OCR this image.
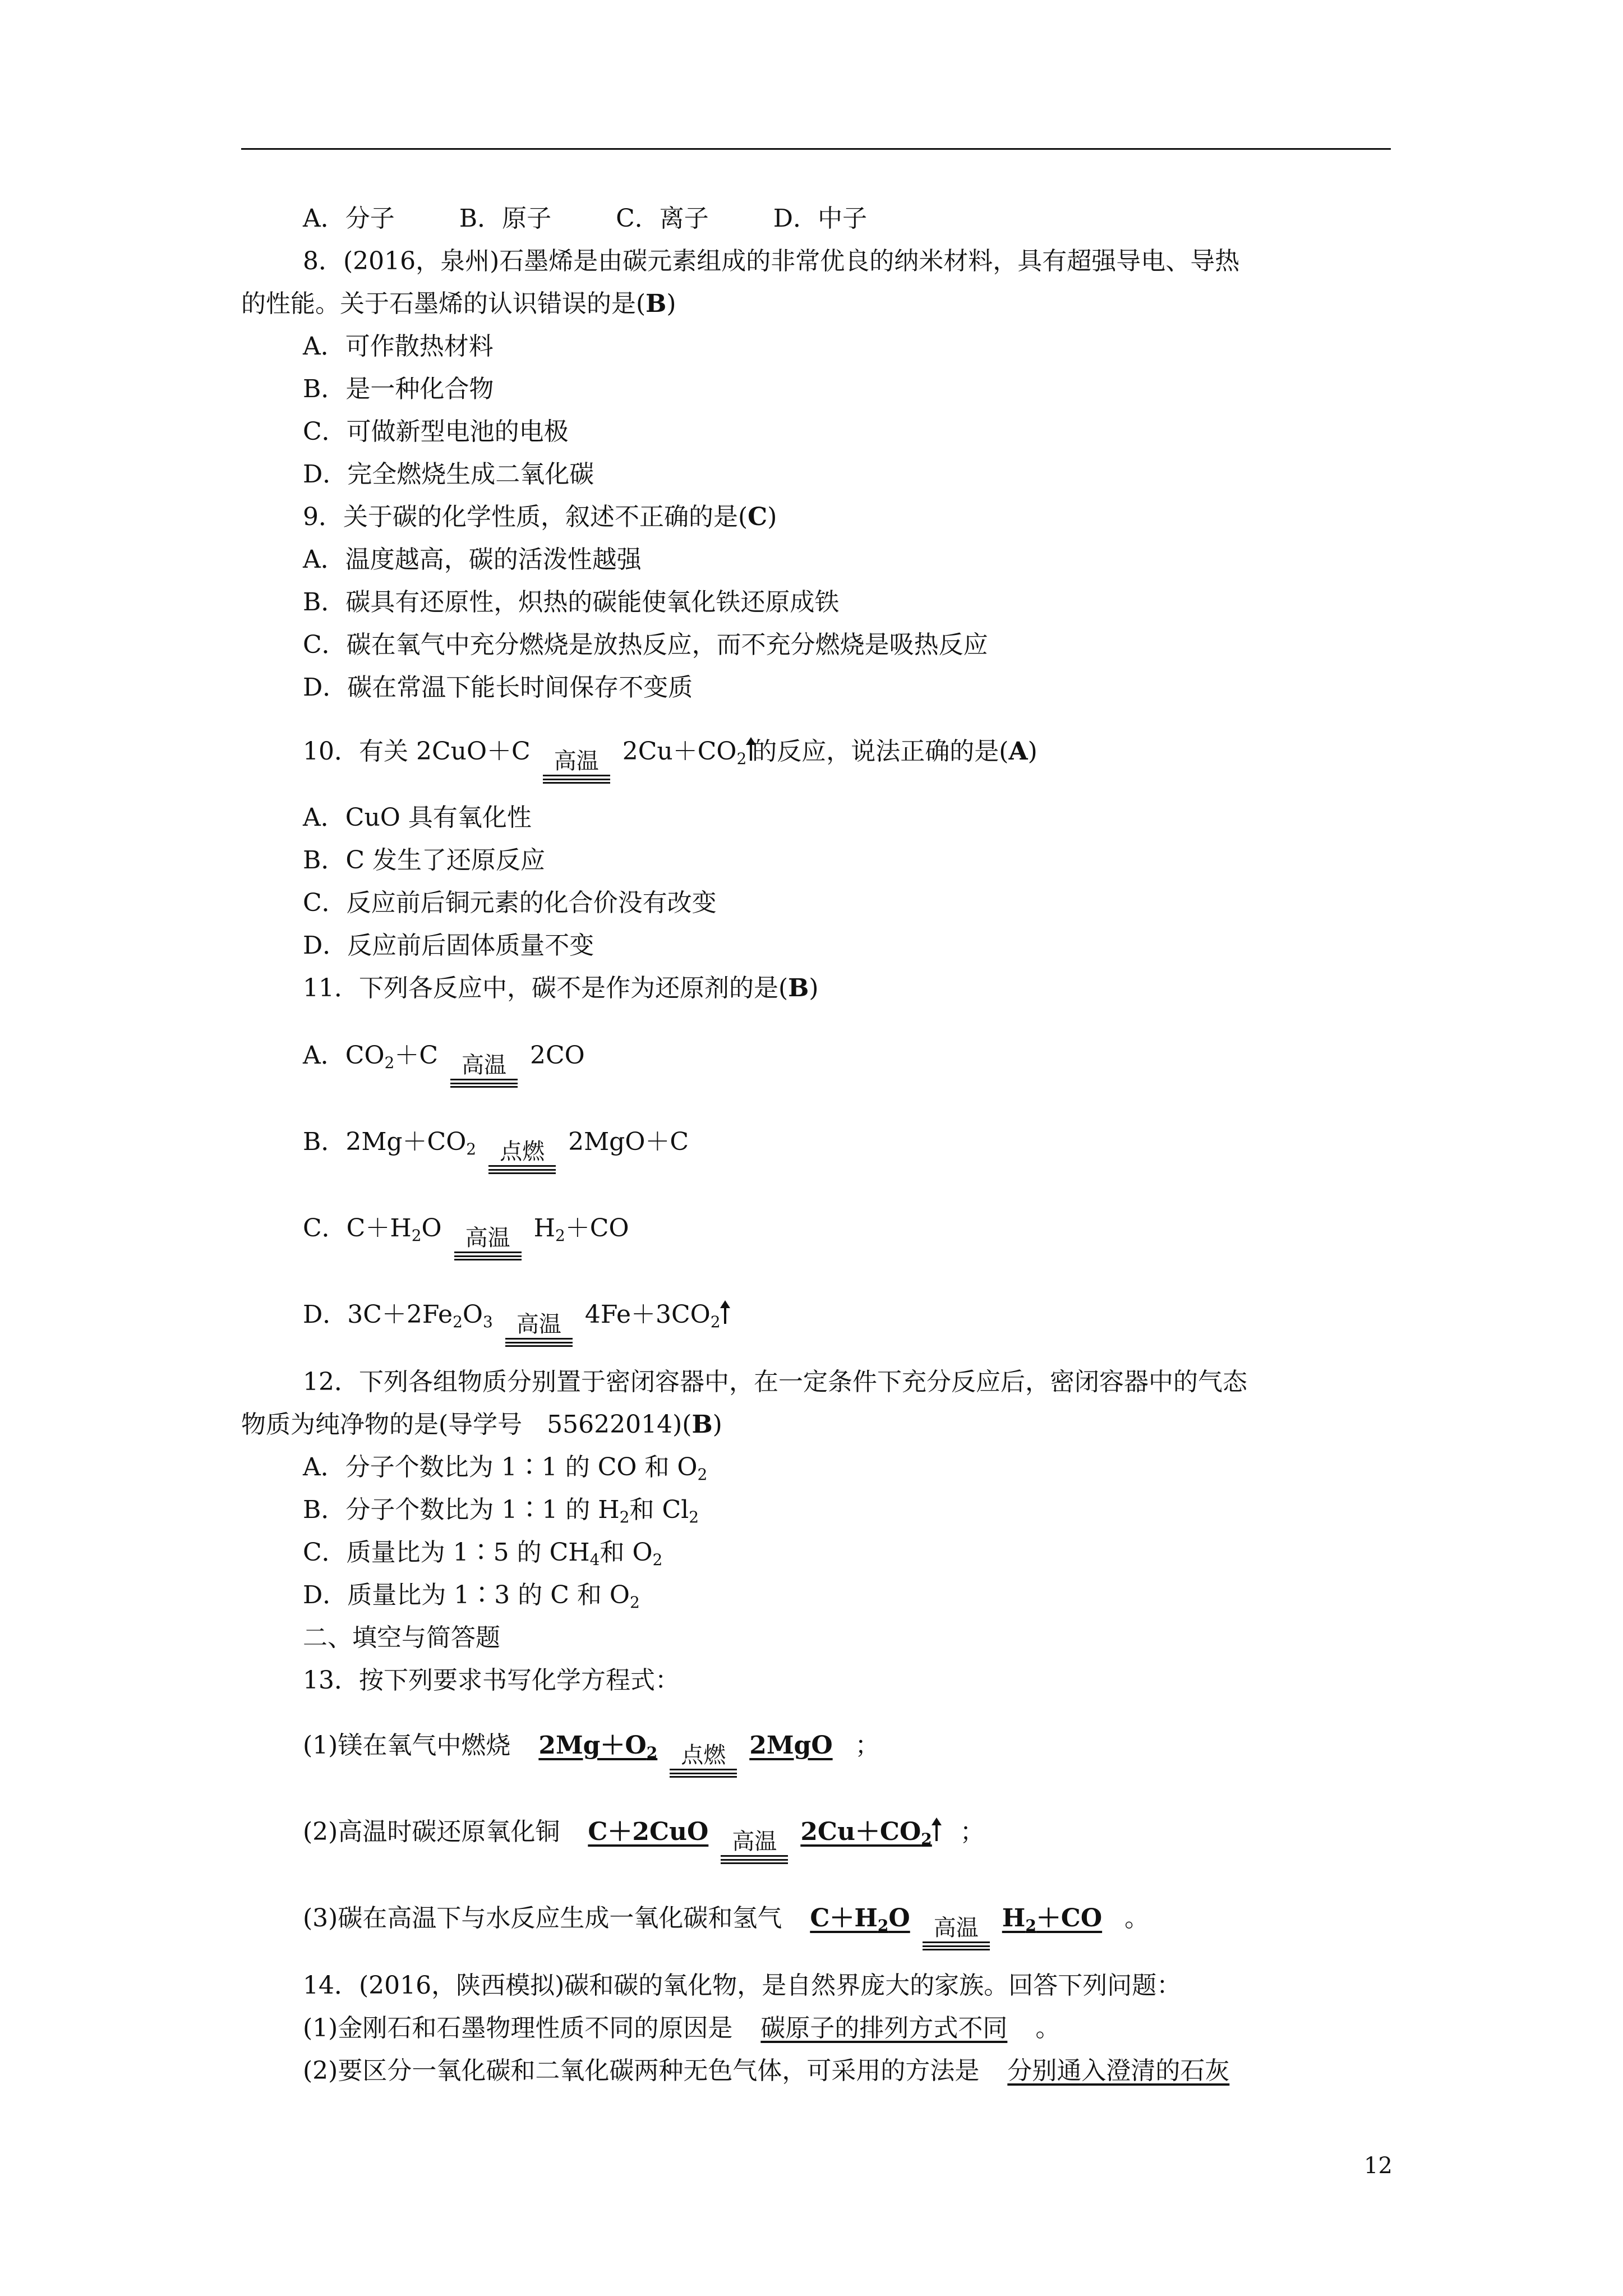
A．分子	B．原子	C．离子	D．中子
8．(2016，泉州)石墨烯是由碳元素组成的非常优良的纳米材料，具有超强导电、导热
的性能。关于石墨烯的认识错误的是(B)
A．可作散热材料
B．是一种化合物
C．可做新型电池的电极
D．完全燃烧生成二氧化碳
9．关于碳的化学性质，叙述不正确的是(C)
A．温度越高，碳的活泼性越强
B．碳具有还原性，炽热的碳能使氧化铁还原成铁
C．碳在氧气中充分燃烧是放热反应，而不充分燃烧是吸热反应
D．碳在常温下能长时间保存不变质
10．有关 2CuO＋C	高温 $2Cu+CO_2$ 的反应，说法正确的是(A)
A．CuO 具有氧化性
B．C 发生了还原反应
C．反应前后铜元素的化合价没有改变
D．反应前后固体质量不变
11．下列各反应中，碳不是作为还原剂的是(B)
A．$CO_2+C$	高温 2CO
B．$2Mg+CO_2$	点燃 2MgO＋C
C．$C+H_2O$	高温 $H_2+CO$
D．$3C+2Fe_2O_3$	高温 $4Fe+3CO_2$
12．下列各组物质分别置于密闭容器中，在一定条件下充分反应后，密闭容器中的气态
物质为纯净物的是(导学号　55622014)(B)
A．分子个数比为 1∶1 的 CO 和 $O_2$
B．分子个数比为 1∶1 的 $H_2$和 $Cl_2$
C．质量比为 1∶5 的 $CH_4$和 $O_2$
D．质量比为 1∶3 的 C 和 $O_2$
二、填空与简答题
13．按下列要求书写化学方程式：
(1)镁在氧气中燃烧 $2Mg+O_2$	点燃 2MgO ；
(2)高温时碳还原氧化铜 C＋2CuO	高温 $2Cu+CO_2$ ；
(3)碳在高温下与水反应生成一氧化碳和氢气 $C+H_2O$	高温 $H_2+CO$ 。
14．(2016，陕西模拟)碳和碳的氧化物，是自然界庞大的家族。回答下列问题：
(1)金刚石和石墨物理性质不同的原因是 碳原子的排列方式不同 。
(2)要区分一氧化碳和二氧化碳两种无色气体，可采用的方法是 分别通入澄清的石灰
12
